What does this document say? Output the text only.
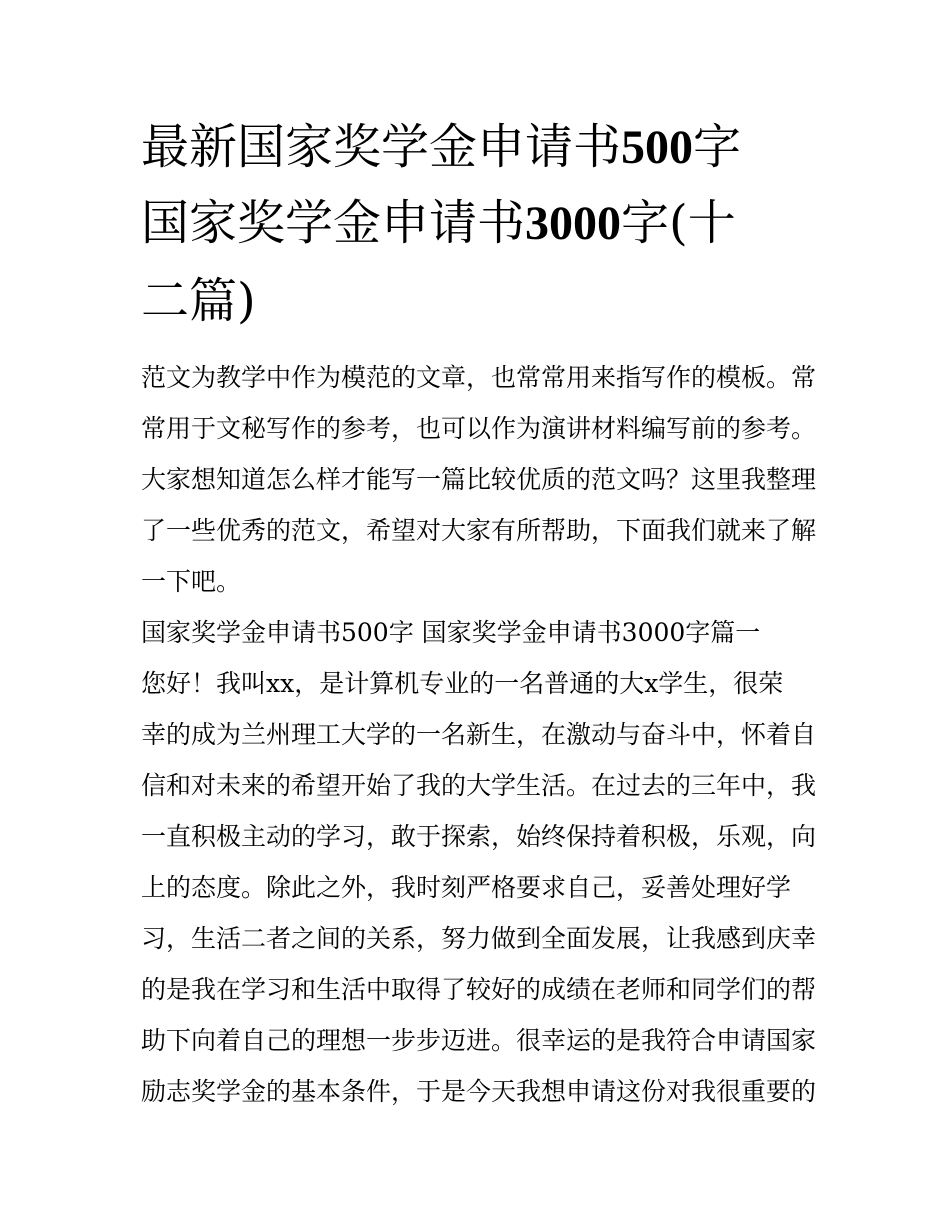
最新国家奖学金申请书500字
国家奖学金申请书3000字(十
二篇)
范文为教学中作为模范的文章，也常常用来指写作的模板。常
常用于文秘写作的参考，也可以作为演讲材料编写前的参考。
大家想知道怎么样才能写一篇比较优质的范文吗？这里我整理
了一些优秀的范文，希望对大家有所帮助，下面我们就来了解
一下吧。
国家奖学金申请书500字 国家奖学金申请书3000字篇一
您好！我叫xx，是计算机专业的一名普通的大x学生，很荣
幸的成为兰州理工大学的一名新生，在激动与奋斗中，怀着自
信和对未来的希望开始了我的大学生活。在过去的三年中，我
一直积极主动的学习，敢于探索，始终保持着积极，乐观，向
上的态度。除此之外，我时刻严格要求自己，妥善处理好学
习，生活二者之间的关系，努力做到全面发展，让我感到庆幸
的是我在学习和生活中取得了较好的成绩在老师和同学们的帮
助下向着自己的理想一步步迈进。很幸运的是我符合申请国家
励志奖学金的基本条件，于是今天我想申请这份对我很重要的
